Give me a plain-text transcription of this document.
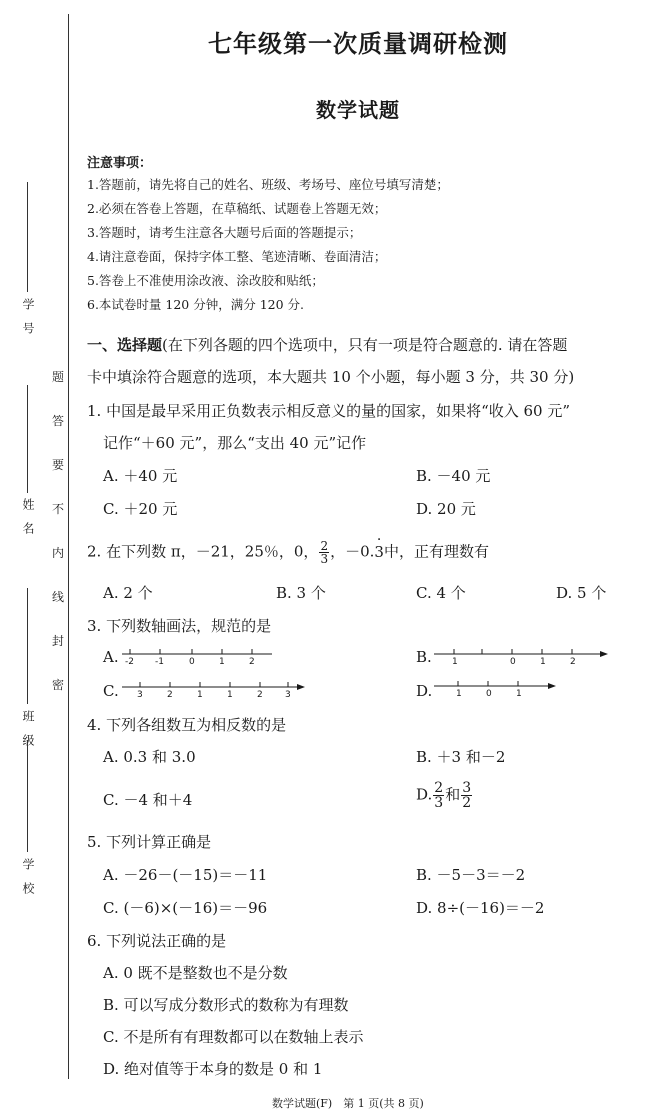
学　号
姓　名
班　级
学　校
密
封
线
内
不
要
答
题
七年级第一次质量调研检测
数学试题
注意事项：
1.答题前，请先将自己的姓名、班级、考场号、座位号填写清楚；
2.必须在答卷上答题，在草稿纸、试题卷上答题无效；
3.答题时，请考生注意各大题号后面的答题提示；
4.请注意卷面，保持字体工整、笔迹清晰、卷面清洁；
5.答卷上不准使用涂改液、涂改胶和贴纸；
6.本试卷时量 120 分钟，满分 120 分.
一、选择题(在下列各题的四个选项中，只有一项是符合题意的. 请在答题
卡中填涂符合题意的选项，本大题共 10 个小题，每小题 3 分，共 30 分)
1. 中国是最早采用正负数表示相反意义的量的国家，如果将“收入 60 元”
记作“＋60 元”，那么“支出 40 元”记作
A. ＋40 元	B. －40 元
C. ＋20 元	D. 20 元
2. 在下列数 π，－21，25％，0， $\frac{2}{3}$ ，－0.· 3中，正有理数有
A. 2 个	B. 3 个	C. 4 个	D. 5 个
3. 下列数轴画法，规范的是
A. -2 -1	0	1	2	B. 1	0	1	2
C. 3	2	1	1	2 3	D.	1	0	1
4. 下列各组数互为相反数的是
A. 0.3 和 3.0	B. ＋3 和－2
C. －4 和＋4	D. $\frac{2}{3}$ 和 $\frac{3}{2}$
5. 下列计算正确是
A. －26－(－15)＝－11	B. －5－3＝－2
C. (－6)×(－16)＝－96	D. 8÷(－16)＝－2
6. 下列说法正确的是
A. 0 既不是整数也不是分数
B. 可以写成分数形式的数称为有理数
C. 不是所有有理数都可以在数轴上表示
D. 绝对值等于本身的数是 0 和 1
数学试题(F)　第 1 页(共 8 页)
